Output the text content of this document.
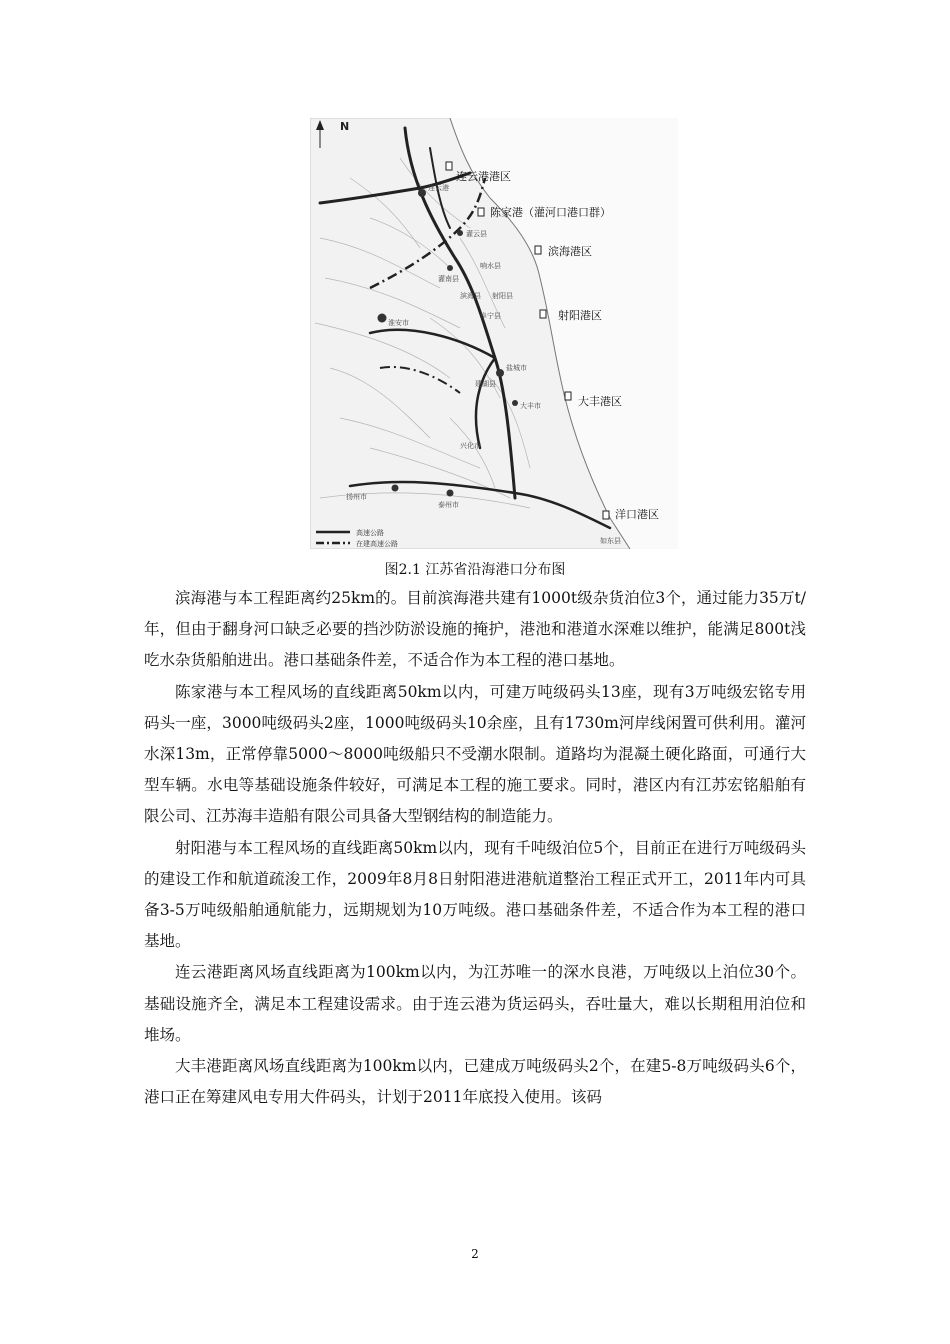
N
连云港
淮安市
盐城市
扬州市
泰州市
灌云县
灌南县
大丰市
响水县
阜宁县
射阳县
滨海县
建湖县
兴化市
如东县
连云港港区
陈家港（灌河口港口群）
滨海港区
射阳港区
大丰港区
洋口港区
高速公路
在建高速公路
图2.1 江苏省沿海港口分布图

滨海港与本工程距离约25km的。目前滨海港共建有1000t级杂货泊位3个，通过能力35万t/年，但由于翻身河口缺乏必要的挡沙防淤设施的掩护，港池和港道水深难以维护，能满足800t浅吃水杂货船舶进出。港口基础条件差，不适合作为本工程的港口基地。

陈家港与本工程风场的直线距离50km以内，可建万吨级码头13座，现有3万吨级宏铭专用码头一座，3000吨级码头2座，1000吨级码头10余座，且有1730m河岸线闲置可供利用。灌河水深13m，正常停靠5000～8000吨级船只不受潮水限制。道路均为混凝土硬化路面，可通行大型车辆。水电等基础设施条件较好，可满足本工程的施工要求。同时，港区内有江苏宏铭船舶有限公司、江苏海丰造船有限公司具备大型钢结构的制造能力。

射阳港与本工程风场的直线距离50km以内，现有千吨级泊位5个，目前正在进行万吨级码头的建设工作和航道疏浚工作，2009年8月8日射阳港进港航道整治工程正式开工，2011年内可具备3-5万吨级船舶通航能力，远期规划为10万吨级。港口基础条件差，不适合作为本工程的港口基地。

连云港距离风场直线距离为100km以内，为江苏唯一的深水良港，万吨级以上泊位30个。基础设施齐全，满足本工程建设需求。由于连云港为货运码头，吞吐量大，难以长期租用泊位和堆场。

大丰港距离风场直线距离为100km以内，已建成万吨级码头2个，在建5-8万吨级码头6个，港口正在筹建风电专用大件码头，计划于2011年底投入使用。该码

2
